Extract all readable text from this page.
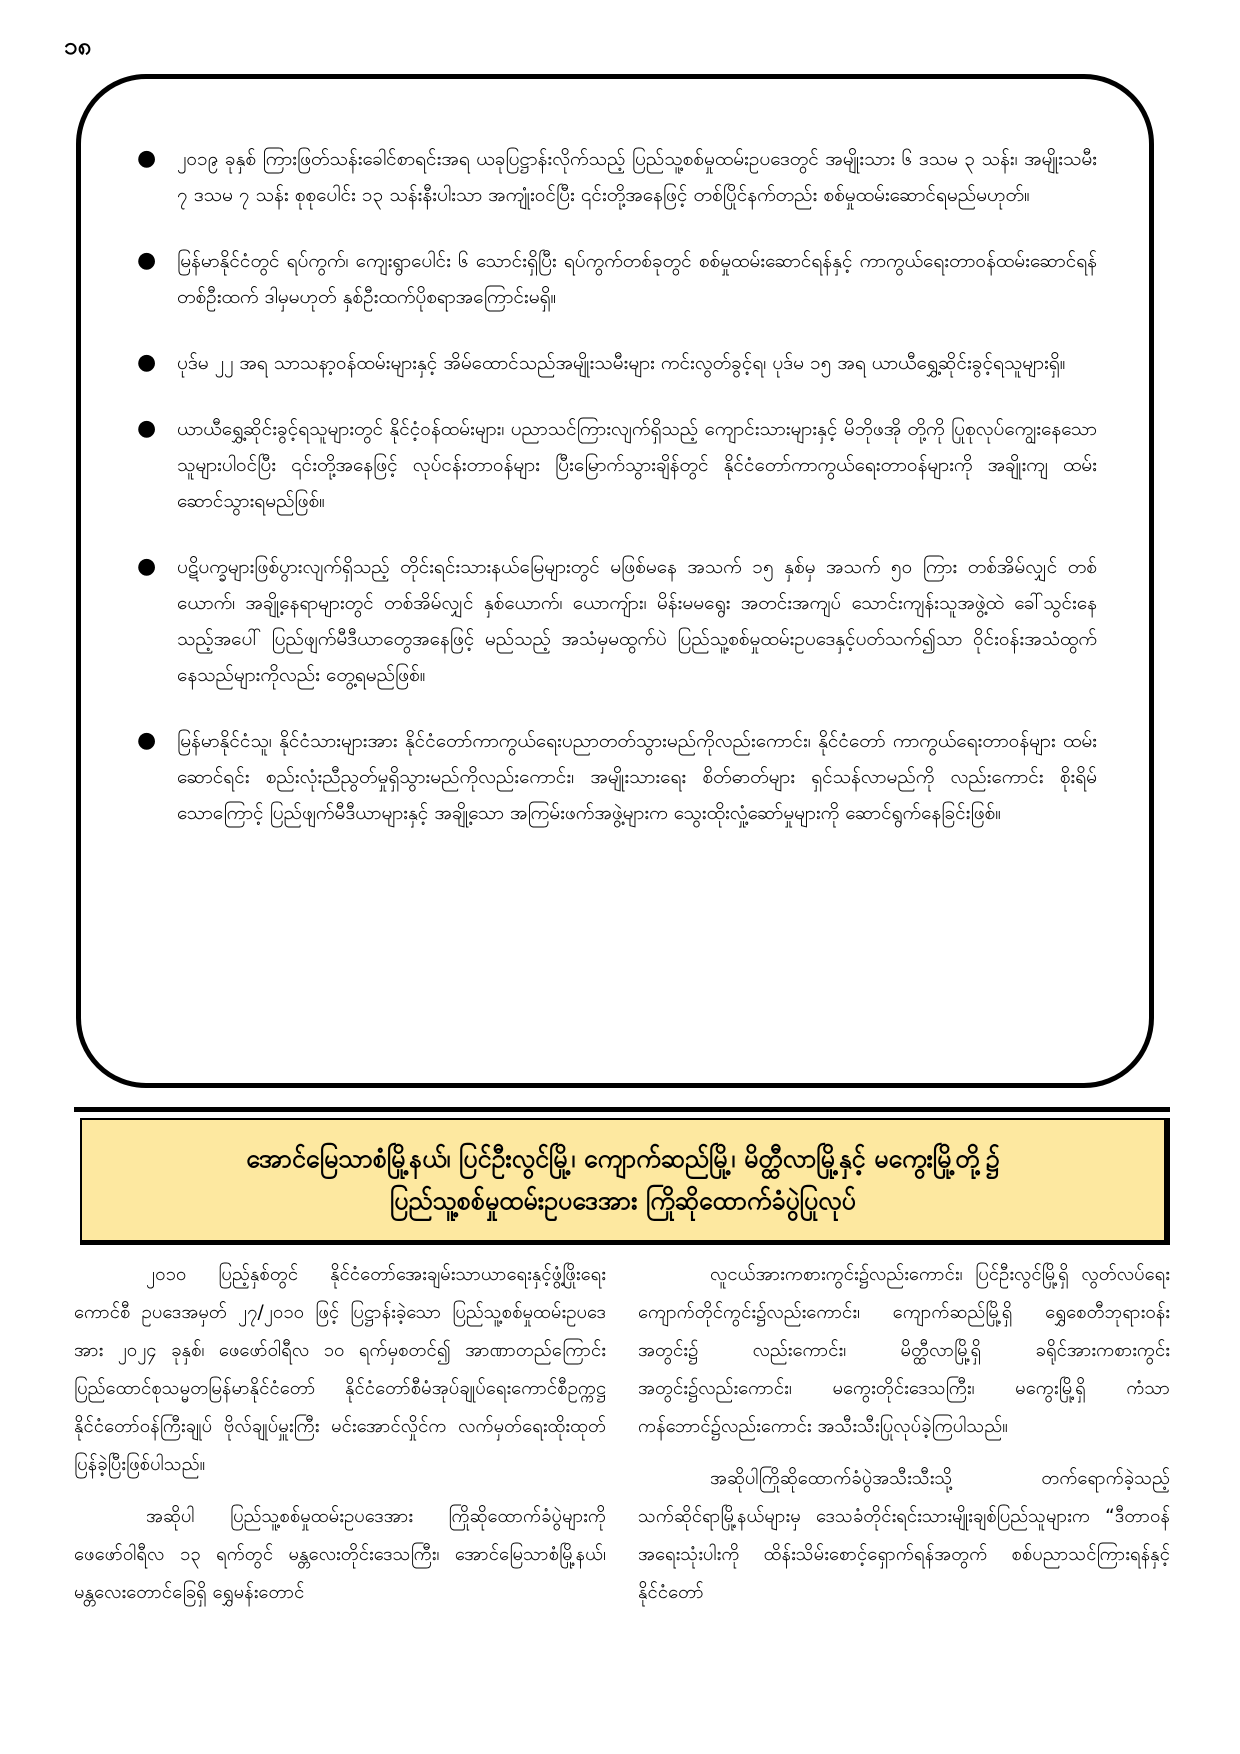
၁၈
● ၂၀၁၉ ခုနှစ် ကြားဖြတ်သန်းခေါင်စာရင်းအရ ယခုပြဋ္ဌာန်းလိုက်သည့် ပြည်သူ့စစ်မှုထမ်းဥပဒေတွင် အမျိုးသား ၆ ဒသမ ၃ သန်း၊ အမျိုးသမီး ၇ ဒသမ ၇ သန်း စုစုပေါင်း ၁၃ သန်းနီးပါးသာ အကျုံးဝင်ပြီး ၎င်းတို့အနေဖြင့် တစ်ပြိုင်နက်တည်း စစ်မှုထမ်းဆောင်ရမည်မဟုတ်။
● မြန်မာနိုင်ငံတွင် ရပ်ကွက်၊ ကျေးရွာပေါင်း ၆ သောင်းရှိပြီး ရပ်ကွက်တစ်ခုတွင် စစ်မှုထမ်းဆောင်ရန်နှင့် ကာကွယ်ရေးတာဝန်ထမ်းဆောင်ရန် တစ်ဦးထက် ဒါမှမဟုတ် နှစ်ဦးထက်ပိုစရာအကြောင်းမရှိ။
● ပုဒ်မ ၂၂ အရ သာသနာ့ဝန်ထမ်းများနှင့် အိမ်ထောင်သည်အမျိုးသမီးများ ကင်းလွတ်ခွင့်ရ၊ ပုဒ်မ ၁၅ အရ ယာယီရွှေ့ဆိုင်းခွင့်ရသူများရှိ။
● ယာယီရွှေ့ဆိုင်းခွင့်ရသူများတွင် နိုင်ငံ့ဝန်ထမ်းများ၊ ပညာသင်ကြားလျက်ရှိသည့် ကျောင်းသားများနှင့် မိဘိုဖအို တို့ကို ပြုစုလုပ်ကျွေးနေသောသူများပါဝင်ပြီး ၎င်းတို့အနေဖြင့် လုပ်ငန်းတာဝန်များ ပြီးမြောက်သွားချိန်တွင် နိုင်ငံတော်ကာကွယ်ရေးတာဝန်များကို အချိုးကျ ထမ်းဆောင်သွားရမည်ဖြစ်။
● ပဋိပက္ခများဖြစ်ပွားလျက်ရှိသည့် တိုင်းရင်းသားနယ်မြေများတွင် မဖြစ်မနေ အသက် ၁၅ နှစ်မှ အသက် ၅၀ ကြား တစ်အိမ်လျှင် တစ်ယောက်၊ အချို့နေရာများတွင် တစ်အိမ်လျှင် နှစ်ယောက်၊ ယောကျ်ား၊ မိန်းမမရွေး အတင်းအကျပ် သောင်းကျန်းသူအဖွဲ့ထဲ ခေါ်သွင်းနေသည့်အပေါ် ပြည်ဖျက်မီဒီယာတွေအနေဖြင့် မည်သည့် အသံမှမထွက်ပဲ ပြည်သူ့စစ်မှုထမ်းဥပဒေနှင့်ပတ်သက်၍သာ ဝိုင်းဝန်းအသံထွက်နေသည်များကိုလည်း တွေ့ရမည်ဖြစ်။
● မြန်မာနိုင်ငံသူ၊ နိုင်ငံသားများအား နိုင်ငံတော်ကာကွယ်ရေးပညာတတ်သွားမည်ကိုလည်းကောင်း၊ နိုင်ငံတော် ကာကွယ်ရေးတာဝန်များ ထမ်းဆောင်ရင်း စည်းလုံးညီညွတ်မှုရှိသွားမည်ကိုလည်းကောင်း၊ အမျိုးသားရေး စိတ်ဓာတ်များ ရှင်သန်လာမည်ကို လည်းကောင်း စိုးရိမ်သောကြောင့် ပြည်ဖျက်မီဒီယာများနှင့် အချို့သော အကြမ်းဖက်အဖွဲ့များက သွေးထိုးလှုံ့ဆော်မှုများကို ဆောင်ရွက်နေခြင်းဖြစ်။
အောင်မြေသာစံမြို့နယ်၊ ပြင်ဦးလွင်မြို့၊ ကျောက်ဆည်မြို့၊ မိတ္ထီလာမြို့နှင့် မကွေးမြို့တို့၌
ပြည်သူ့စစ်မှုထမ်းဥပဒေအား ကြိုဆိုထောက်ခံပွဲပြုလုပ်

၂၀၁၀ ပြည့်နှစ်တွင် နိုင်ငံတော်အေးချမ်းသာယာရေးနှင့်ဖွံ့ဖြိုးရေးကောင်စီ ဥပဒေအမှတ် ၂၇/၂၀၁၀ ဖြင့် ပြဋ္ဌာန်းခဲ့သော ပြည်သူ့စစ်မှုထမ်းဥပဒေအား ၂၀၂၄ ခုနှစ်၊ ဖေဖော်ဝါရီလ ၁၀ ရက်မှစတင်၍ အာဏာတည်ကြောင်း ပြည်ထောင်စုသမ္မတမြန်မာနိုင်ငံတော် နိုင်ငံတော်စီမံအုပ်ချုပ်ရေးကောင်စီဥက္ကဋ္ဌ နိုင်ငံတော်ဝန်ကြီးချုပ် ဗိုလ်ချုပ်မှူးကြီး မင်းအောင်လှိုင်က လက်မှတ်ရေးထိုးထုတ်ပြန်ခဲ့ပြီးဖြစ်ပါသည်။

အဆိုပါ ပြည်သူ့စစ်မှုထမ်းဥပဒေအား ကြိုဆိုထောက်ခံပွဲများကို ဖေဖော်ဝါရီလ ၁၃ ရက်တွင် မန္တလေးတိုင်းဒေသကြီး၊ အောင်မြေသာစံမြို့နယ်၊ မန္တလေးတောင်ခြေရှိ ရွှေမန်းတောင်

လူငယ်အားကစားကွင်း၌လည်းကောင်း၊ ပြင်ဦးလွင်မြို့ရှိ လွတ်လပ်ရေး ကျောက်တိုင်ကွင်း၌လည်းကောင်း၊ ကျောက်ဆည်မြို့ရှိ ရွှေစေတီဘုရားဝန်းအတွင်း၌ လည်းကောင်း၊ မိတ္ထီလာမြို့ရှိ ခရိုင်အားကစားကွင်းအတွင်း၌လည်းကောင်း၊ မကွေးတိုင်းဒေသကြီး၊ မကွေးမြို့ရှိ ကံသာကန်ဘောင်၌လည်းကောင်း အသီးသီးပြုလုပ်ခဲ့ကြပါသည်။

အဆိုပါကြိုဆိုထောက်ခံပွဲအသီးသီးသို့ တက်ရောက်ခဲ့သည့် သက်ဆိုင်ရာမြို့နယ်များမှ ဒေသခံတိုင်းရင်းသားမျိုးချစ်ပြည်သူများက “ဒီတာဝန်အရေးသုံးပါးကို ထိန်းသိမ်းစောင့်ရှောက်ရန်အတွက် စစ်ပညာသင်ကြားရန်နှင့် နိုင်ငံတော်
